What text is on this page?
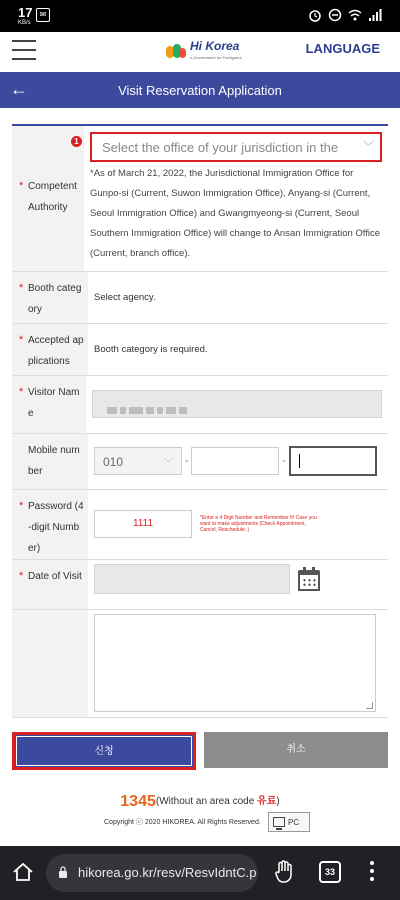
17
KB/s
✉
Hi Korea
e-Government for Foreigners
LANGUAGE
←	Visit Reservation Application
* Competent Authority
1	Select the office of your jurisdiction in the ﹀
*As of March 21, 2022, the Jurisdictional Immigration Office for Gunpo-si (Current, Suwon Immigration Office), Anyang-si (Current, Seoul Immigration Office) and Gwangmyeong-si (Current, Seoul Southern Immigration Office) will change to Ansan Immigration Office (Current, branch office).
* Booth category
Select agency.
* Accepted applications
Booth category is required.
* Visitor Name
Mobile number
010	﹀ -	-
* Password (4-digit Number)
1111	*Enter a 4 Digit Number and Remember It! Case you want to make adjustments (Check Appointment, Cancel, Reschedule..)
* Date of Visit
신청	취소
1345(Without an area code 유료)
Copyright ⓒ 2020 HIKOREA. All Rights Reserved.	PC
hikorea.go.kr/resv/ResvIdntC.p	33
